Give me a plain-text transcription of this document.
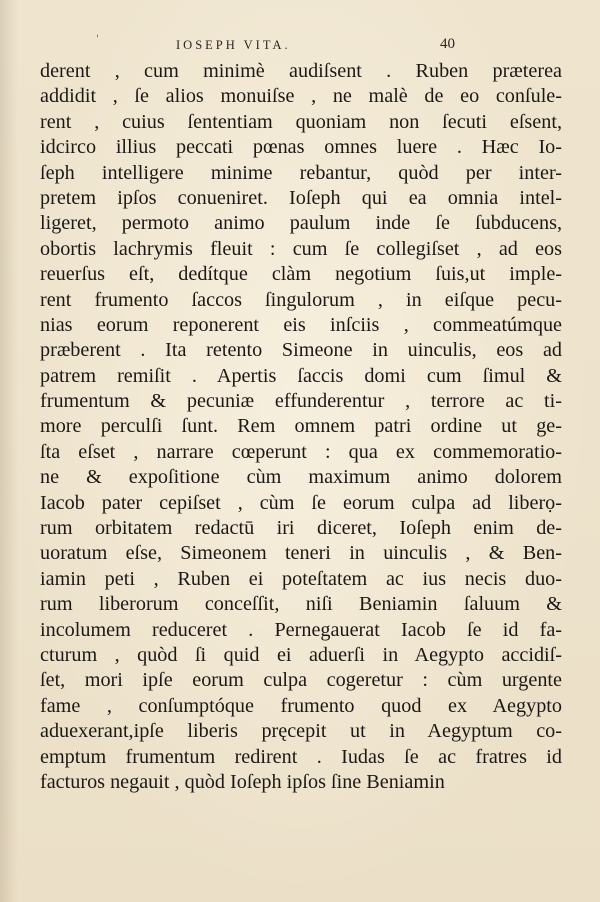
'	IOSEPH VITA.	40
derent , cum minimè audiſsent . Ruben præterea
addidit , ſe alios monuiſse , ne malè de eo conſule-
rent , cuius ſententiam quoniam non ſecuti eſsent,
idcirco illius peccati pœnas omnes luere . Hæc Io-
ſeph intelligere minime rebantur, quòd per inter-
pretem ipſos conueniret. Ioſeph qui ea omnia intel-
ligeret, permoto animo paulum inde ſe ſubducens,
obortis lachrymis fleuit : cum ſe collegiſset , ad eos
reuerſus eſt, dedítque clàm negotium ſuis,ut imple-
rent frumento ſaccos ſingulorum , in eiſque pecu-
nias eorum reponerent eis inſciis , commeatúmque
præberent . Ita retento Simeone in uinculis, eos ad
patrem remiſit . Apertis ſaccis domi cum ſimul &
frumentum & pecuniæ effunderentur , terrore ac ti-
more perculſi ſunt. Rem omnem patri ordine ut ge-
ſta eſset , narrare cœperunt : qua ex commemoratio-
ne & expoſitione cùm maximum animo dolorem
Iacob pater cepiſset , cùm ſe eorum culpa ad liberọ-
rum orbitatem redactū iri diceret, Ioſeph enim de-
uoratum eſse, Simeonem teneri in uinculis , & Ben-
iamin peti , Ruben ei poteſtatem ac ius necis duo-
rum liberorum conceſſit, niſi Beniamin ſaluum &
incolumem reduceret . Pernegauerat Iacob ſe id fa-
cturum , quòd ſi quid ei aduerſi in Aegypto accidiſ-
ſet, mori ipſe eorum culpa cogeretur : cùm urgente
fame , conſumptóque frumento quod ex Aegypto
aduexerant,ipſe liberis pręcepit ut in Aegyptum co-
emptum frumentum redirent . Iudas ſe ac fratres id
facturos negauit , quòd Ioſeph ipſos ſine Beniamin
